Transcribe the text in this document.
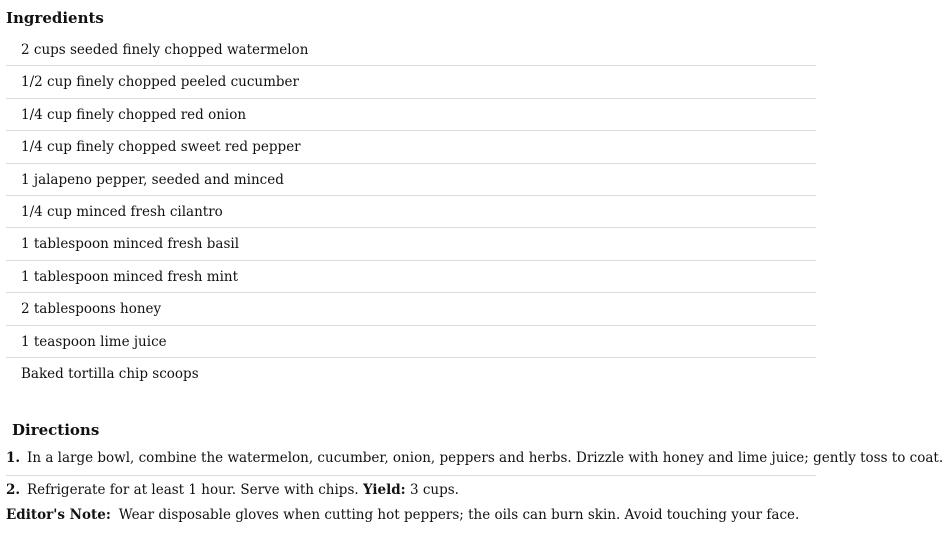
Ingredients
2 cups seeded finely chopped watermelon
1/2 cup finely chopped peeled cucumber
1/4 cup finely chopped red onion
1/4 cup finely chopped sweet red pepper
1 jalapeno pepper, seeded and minced
1/4 cup minced fresh cilantro
1 tablespoon minced fresh basil
1 tablespoon minced fresh mint
2 tablespoons honey
1 teaspoon lime juice
Baked tortilla chip scoops
Directions
1. In a large bowl, combine the watermelon, cucumber, onion, peppers and herbs. Drizzle with honey and lime juice; gently toss to coat.
2. Refrigerate for at least 1 hour. Serve with chips. Yield: 3 cups.
Editor's Note: Wear disposable gloves when cutting hot peppers; the oils can burn skin. Avoid touching your face.
